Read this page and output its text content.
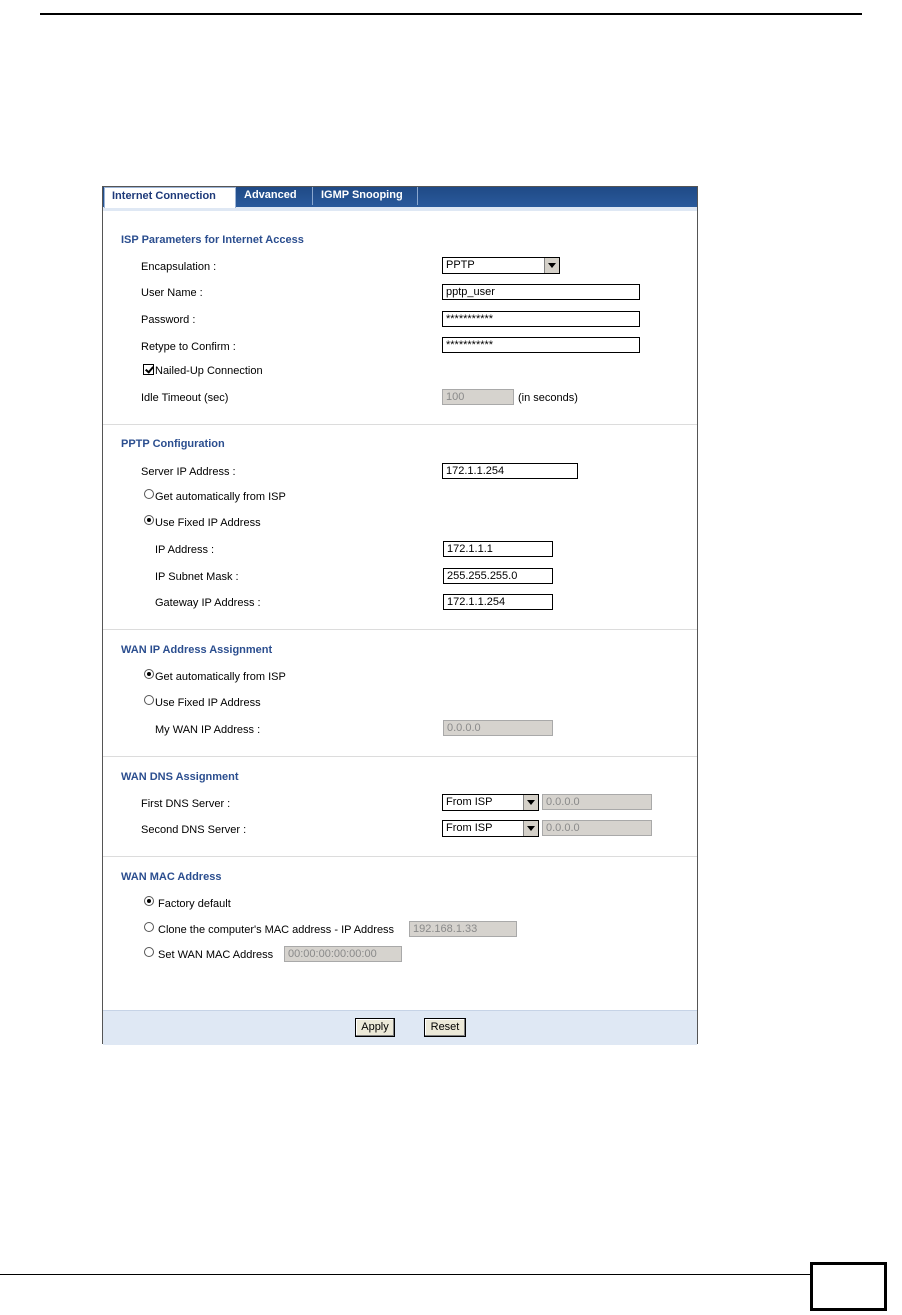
Internet Connection	Advanced	IGMP Snooping
ISP Parameters for Internet Access
Encapsulation :	PPTP
User Name :	pptp_user
Password :	***********
Retype to Confirm :	***********
Nailed-Up Connection
Idle Timeout (sec)	100	(in seconds)
PPTP Configuration
Server IP Address :	172.1.1.254
Get automatically from ISP
Use Fixed IP Address
IP Address :	172.1.1.1
IP Subnet Mask :	255.255.255.0
Gateway IP Address :	172.1.1.254
WAN IP Address Assignment
Get automatically from ISP
Use Fixed IP Address
My WAN IP Address :	0.0.0.0
WAN DNS Assignment
First DNS Server :	From ISP	0.0.0.0
Second DNS Server :	From ISP	0.0.0.0
WAN MAC Address
Factory default
Clone the computer's MAC address - IP Address	192.168.1.33
Set WAN MAC Address	00:00:00:00:00:00
Apply	Reset
